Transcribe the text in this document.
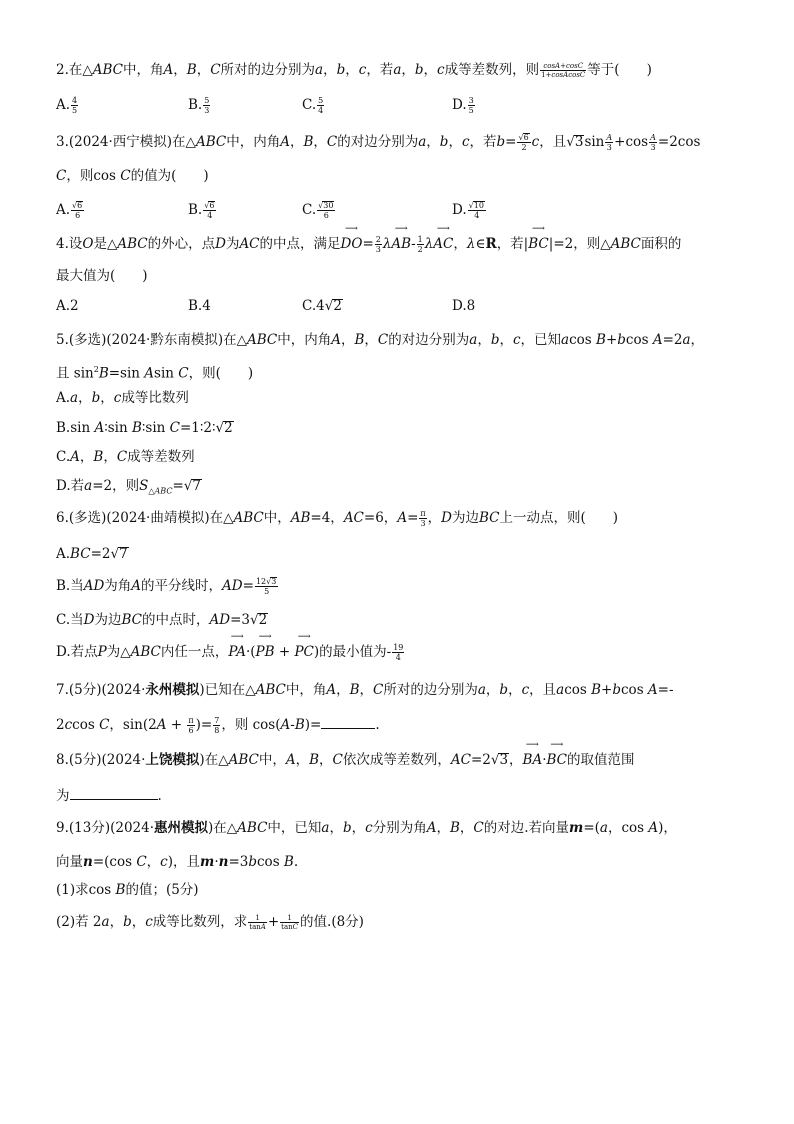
2.在△ABC中，角A，B，C所对的边分别为a，b，c，若a，b，c成等差数列，则 $\frac{\cos A+\cos C}{\text{1+cosAcosC}}$ 等于(　　)
A. $\frac{4}{5}$	B. $\frac{5}{3}$	C. $\frac{5}{4}$	D. $\frac{3}{5}$
3.(2024·西宁模拟)在△ABC中，内角A，B，C的对边分别为a，b，c，若$b= \frac{√6}{2}$ c，且$√3\sin \frac{A}{3} +\cos \frac{A}{3} =2\cos$
C，则cos C的值为(　　)
A. $\frac{√6}{6}$	B. $\frac{√6}{4}$	C. $\frac{√30}{6}$	D. $\frac{√10}{4}$
4.设O是△ABC的外心，点D为AC的中点，满足⟶ $DO= \frac{2}{3}$ λ⟶ $AB- \frac{1}{2}$ λ⟶ AC，λ∈R，若|⟶ BC|=2，则△ABC面积的
最大值为(　　)
A.2	B.4	C.4√2	D.8
5.(多选)(2024·黔东南模拟)在△ABC中，内角A，B，C的对边分别为a，b，c，已知acos B+bcos A=2a，
且 $\sin^2B=\sin$ Asin C，则(　　)
A.a，b，c成等比数列
B.sin A∶sin B∶sin C=1∶2∶√2
C.A，B，C成等差数列
D.若a=2，则$S_{\triangle ABC}=√7$
6.(多选)(2024·曲靖模拟)在△ABC中，AB=4，AC=6，$A= \frac{\pi}{3}$ ，D为边BC上一动点，则(　　)
A.BC=2√7
B.当AD为角A的平分线时，$AD= \frac{12√3}{5}$
C.当D为边BC的中点时，AD=3√2
D.若点P为△ABC内任一点，⟶ PA·(⟶ PB + ⟶ PC)的最小值为- $\frac{19}{4}$
7.(5分)(2024·永州模拟)已知在△ABC中，角A，B，C所对的边分别为a，b，c，且acos B+bcos A=-
2ccos C，$\sin(2A + \frac{\pi}{6}$ )= $\frac{7}{8}$ ，则 cos(A-B)=	.
8.(5分)(2024·上饶模拟)在△ABC中，A，B，C依次成等差数列，AC=2√3，⟶ BA·⟶ BC的取值范围
为	.
9.(13分)(2024·惠州模拟)在△ABC中，已知a，b，c分别为角A，B，C的对边.若向量m=(a，cos A)，
向量n=(cos C，c)，且m·n=3bcos B.
(1)求cos B的值；(5分)
(2)若 2a，b，c成等比数列，求 $\frac{1}{\tan A} + \frac{1}{\tan C}$ 的值.(8分)
